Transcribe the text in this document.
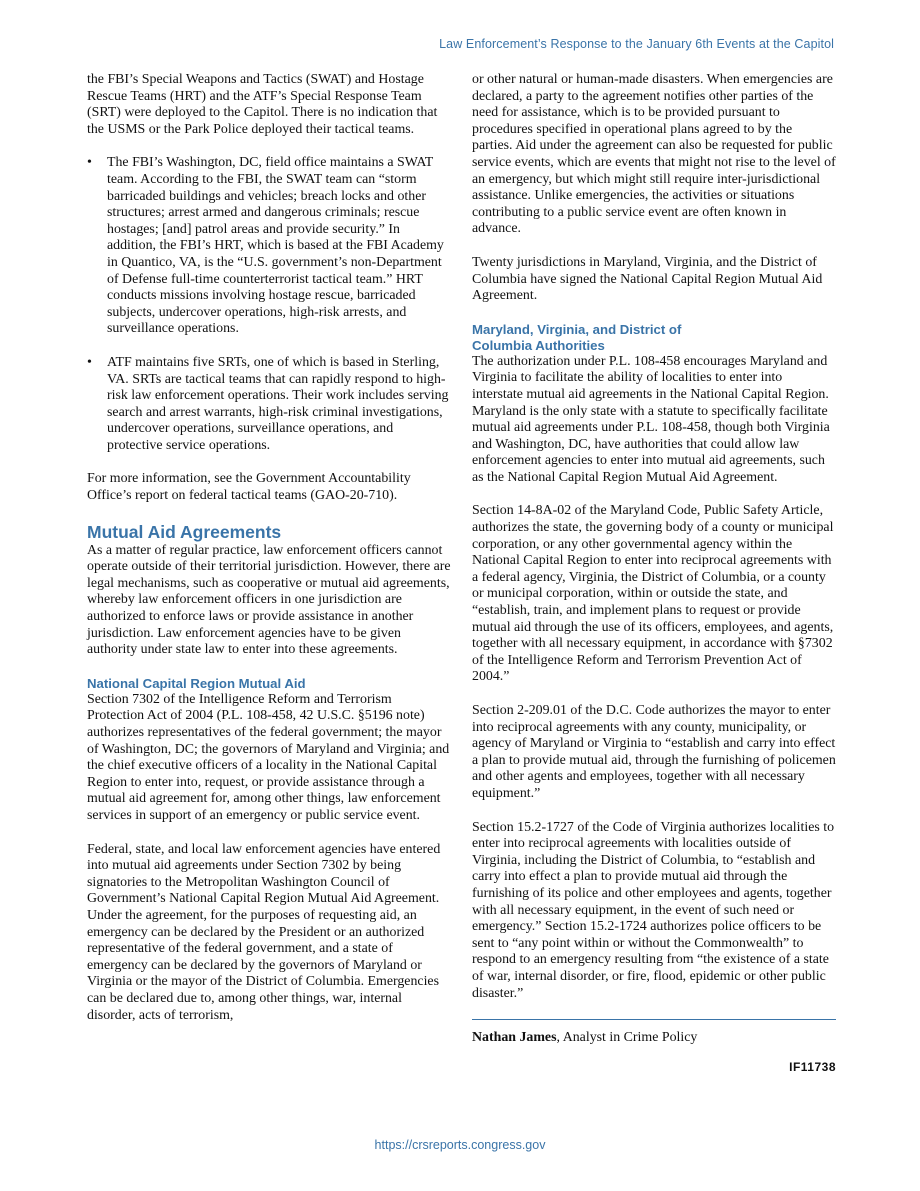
Law Enforcement’s Response to the January 6th Events at the Capitol

the FBI’s Special Weapons and Tactics (SWAT) and Hostage Rescue Teams (HRT) and the ATF’s Special Response Team (SRT) were deployed to the Capitol. There is no indication that the USMS or the Park Police deployed their tactical teams.

• The FBI’s Washington, DC, field office maintains a SWAT team. According to the FBI, the SWAT team can “storm barricaded buildings and vehicles; breach locks and other structures; arrest armed and dangerous criminals; rescue hostages; [and] patrol areas and provide security.” In addition, the FBI’s HRT, which is based at the FBI Academy in Quantico, VA, is the “U.S. government’s non-Department of Defense full-time counterterrorist tactical team.” HRT conducts missions involving hostage rescue, barricaded subjects, undercover operations, high-risk arrests, and surveillance operations.
• ATF maintains five SRTs, one of which is based in Sterling, VA. SRTs are tactical teams that can rapidly respond to high-risk law enforcement operations. Their work includes serving search and arrest warrants, high-risk criminal investigations, undercover operations, surveillance operations, and protective service operations.

For more information, see the Government Accountability Office’s report on federal tactical teams (GAO-20-710).

Mutual Aid Agreements

As a matter of regular practice, law enforcement officers cannot operate outside of their territorial jurisdiction. However, there are legal mechanisms, such as cooperative or mutual aid agreements, whereby law enforcement officers in one jurisdiction are authorized to enforce laws or provide assistance in another jurisdiction. Law enforcement agencies have to be given authority under state law to enter into these agreements.

National Capital Region Mutual Aid

Section 7302 of the Intelligence Reform and Terrorism Protection Act of 2004 (P.L. 108-458, 42 U.S.C. §5196 note) authorizes representatives of the federal government; the mayor of Washington, DC; the governors of Maryland and Virginia; and the chief executive officers of a locality in the National Capital Region to enter into, request, or provide assistance through a mutual aid agreement for, among other things, law enforcement services in support of an emergency or public service event.

Federal, state, and local law enforcement agencies have entered into mutual aid agreements under Section 7302 by being signatories to the Metropolitan Washington Council of Government’s National Capital Region Mutual Aid Agreement. Under the agreement, for the purposes of requesting aid, an emergency can be declared by the President or an authorized representative of the federal government, and a state of emergency can be declared by the governors of Maryland or Virginia or the mayor of the District of Columbia. Emergencies can be declared due to, among other things, war, internal disorder, acts of terrorism,

or other natural or human-made disasters. When emergencies are declared, a party to the agreement notifies other parties of the need for assistance, which is to be provided pursuant to procedures specified in operational plans agreed to by the parties. Aid under the agreement can also be requested for public service events, which are events that might not rise to the level of an emergency, but which might still require inter-jurisdictional assistance. Unlike emergencies, the activities or situations contributing to a public service event are often known in advance.

Twenty jurisdictions in Maryland, Virginia, and the District of Columbia have signed the National Capital Region Mutual Aid Agreement.

Maryland, Virginia, and District of
Columbia Authorities

The authorization under P.L. 108-458 encourages Maryland and Virginia to facilitate the ability of localities to enter into interstate mutual aid agreements in the National Capital Region. Maryland is the only state with a statute to specifically facilitate mutual aid agreements under P.L. 108-458, though both Virginia and Washington, DC, have authorities that could allow law enforcement agencies to enter into mutual aid agreements, such as the National Capital Region Mutual Aid Agreement.

Section 14-8A-02 of the Maryland Code, Public Safety Article, authorizes the state, the governing body of a county or municipal corporation, or any other governmental agency within the National Capital Region to enter into reciprocal agreements with a federal agency, Virginia, the District of Columbia, or a county or municipal corporation, within or outside the state, and “establish, train, and implement plans to request or provide mutual aid through the use of its officers, employees, and agents, together with all necessary equipment, in accordance with §7302 of the Intelligence Reform and Terrorism Prevention Act of 2004.”

Section 2-209.01 of the D.C. Code authorizes the mayor to enter into reciprocal agreements with any county, municipality, or agency of Maryland or Virginia to “establish and carry into effect a plan to provide mutual aid, through the furnishing of policemen and other agents and employees, together with all necessary equipment.”

Section 15.2-1727 of the Code of Virginia authorizes localities to enter into reciprocal agreements with localities outside of Virginia, including the District of Columbia, to “establish and carry into effect a plan to provide mutual aid through the furnishing of its police and other employees and agents, together with all necessary equipment, in the event of such need or emergency.” Section 15.2-1724 authorizes police officers to be sent to “any point within or without the Commonwealth” to respond to an emergency resulting from “the existence of a state of war, internal disorder, or fire, flood, epidemic or other public disaster.”

Nathan James, Analyst in Crime Policy

IF11738
https://crsreports.congress.gov
